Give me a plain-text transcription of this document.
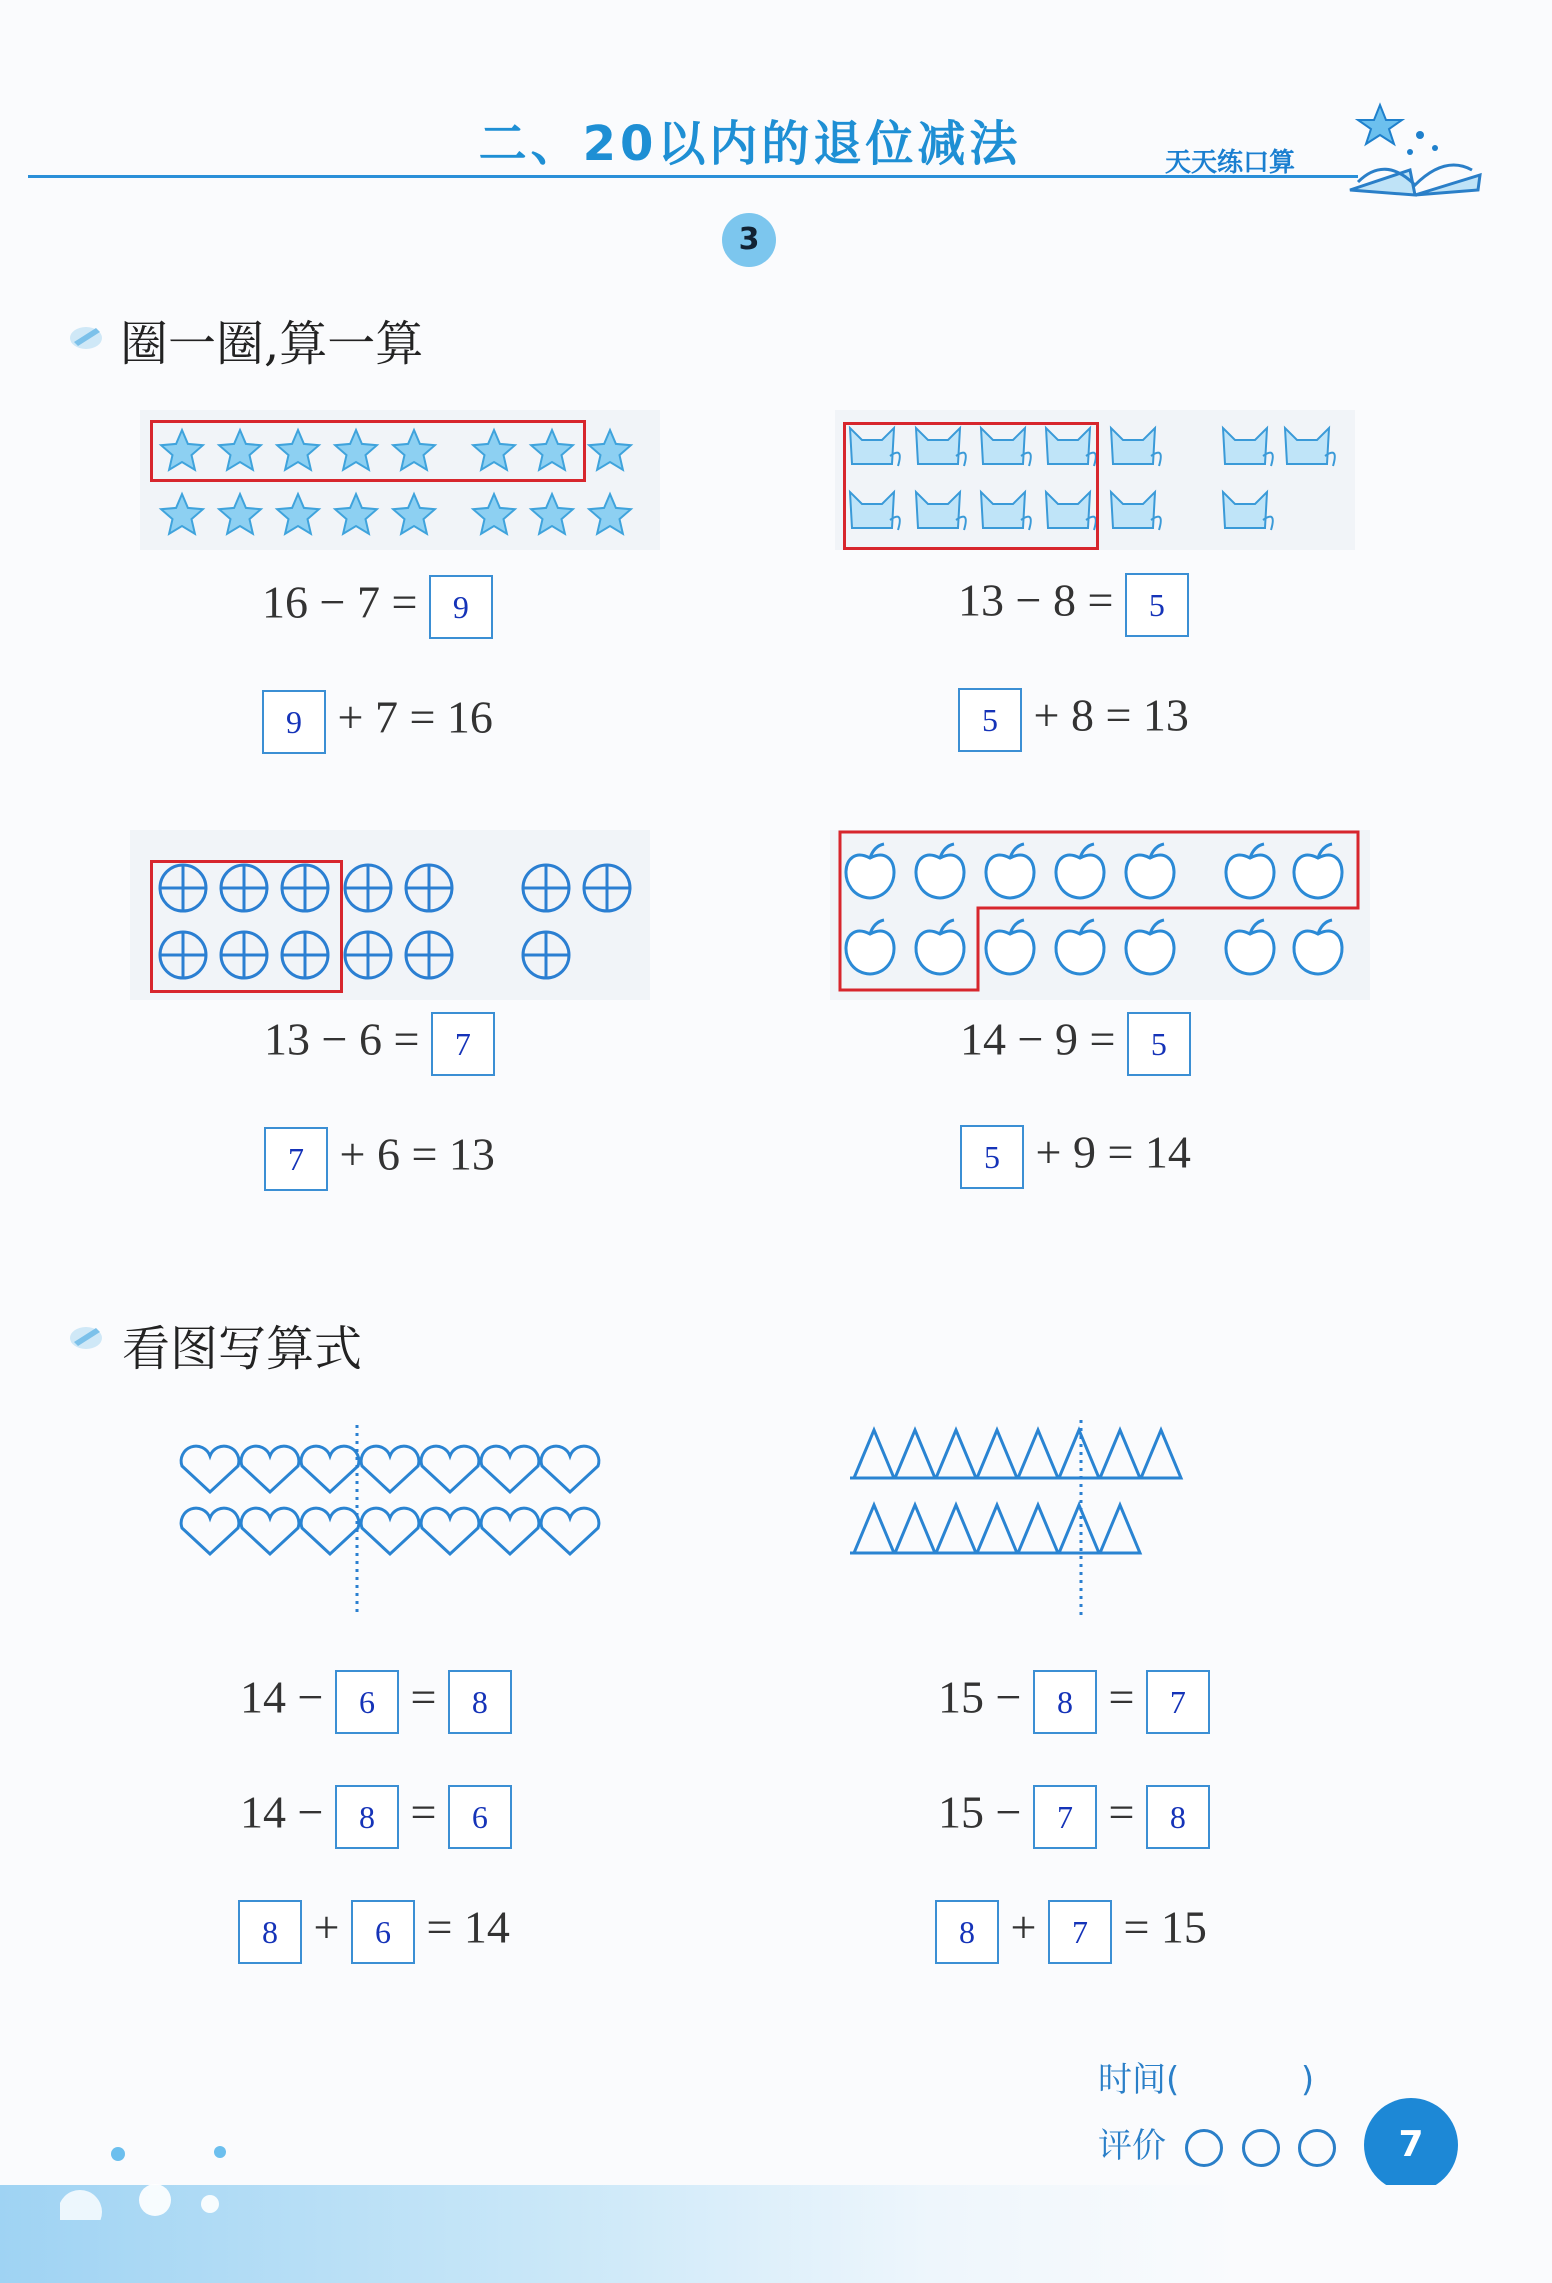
二、20以内的退位减法	天天练口算
3
圈一圈,算一算
16 − 7 = 9
9 + 7 = 16
13 − 8 = 5
5 + 8 = 13
13 − 6 = 7
7 + 6 = 13
14 − 9 = 5
5 + 9 = 14
看图写算式
14 − 6 = 8
14 − 8 = 6
8 + 6 = 14
15 − 8 = 7
15 − 7 = 8
8 + 7 = 15
时间(	)
评价	7
